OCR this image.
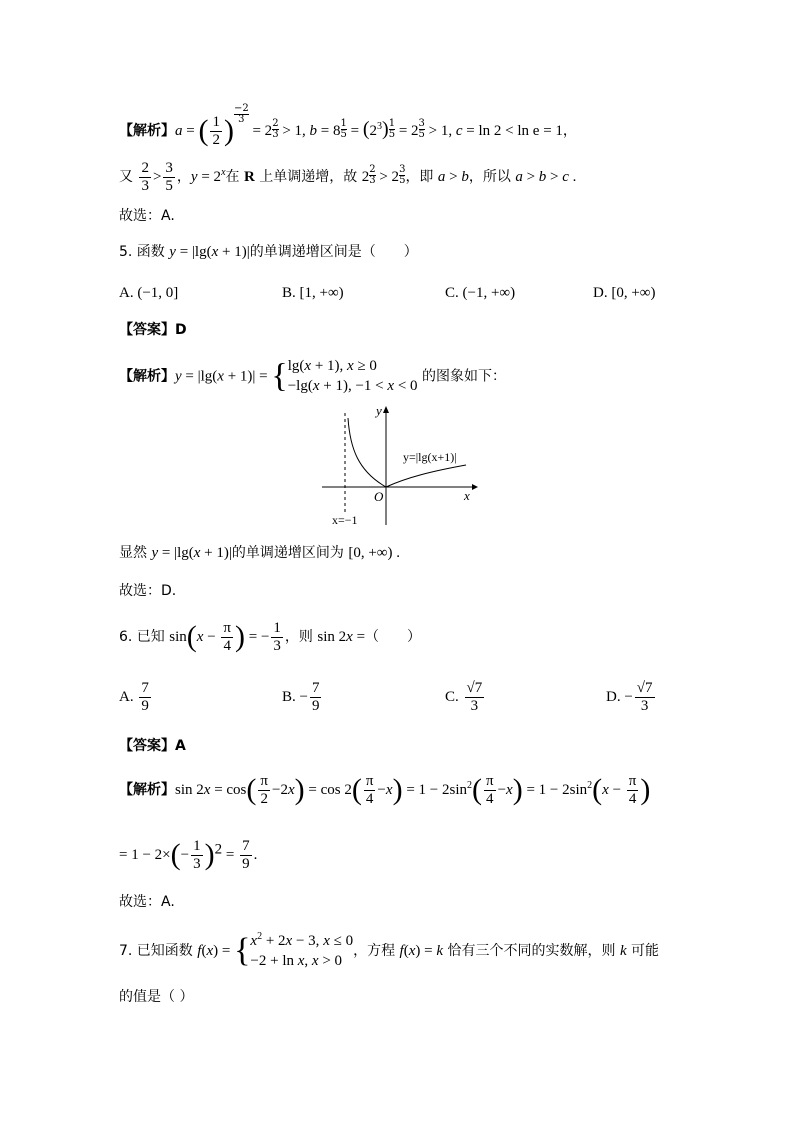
【解析】a = ( $\frac{1}{2}$ ) $\frac{-2}{3}$
= $2 \frac{2}{3} > 1$, $b = 8 \frac{1}{5} = (2^3) \frac{1}{5} = 2 \frac{3}{5} > 1$, c = ln 2 < ln e = 1，
又 $\frac{2}{3} > \frac{3}{5}$ ，$y = 2^x$在 R 上单调递增，故 $2 \frac{2}{3} > 2 \frac{3}{5}$ ，即 a > b，所以 a > b > c .
故选：A.
5. 函数 y = |lg(x + 1)|的单调递增区间是（　　）
A. (−1, 0]	B. [1, +∞)	C. (−1, +∞)	D. [0, +∞)
【答案】D
【解析】y = |lg(x + 1)| = { lg(x + 1), x ≥ 0
−lg(x + 1), −1 < x < 0
的图象如下：
y
x
O
y=|lg(x+1)|
x=−1
显然 y = |lg(x + 1)|的单调递增区间为 [0, +∞) .
故选：D.
6. 已知 $\sin(x - \frac{\pi}{4}$ ) = − $\frac{1}{3}$ ，则 sin 2x =（　　）
A. $\frac{7}{9}$	B. − $\frac{7}{9}$	C. $\frac{√7}{3}$	D. − $\frac{√7}{3}$
【答案】A
【解析】$\sin 2x = \cos( \frac{\pi}{2} -2x) = \cos 2( \frac{\pi}{4} -x) = 1 - 2\sin^2( \frac{\pi}{4} -x) = 1 - 2\sin^2(x - \frac{\pi}{4}$ )
= $1 - 2\times(- \frac{1}{3} )^2 = \frac{7}{9}$ .
故选：A.
7. 已知函数 f(x) = { $x^2 + 2x - 3$, x ≤ 0
−2 + ln x, x > 0
，方程 f(x) = k 恰有三个不同的实数解，则 k 可能
的值是（ ）
